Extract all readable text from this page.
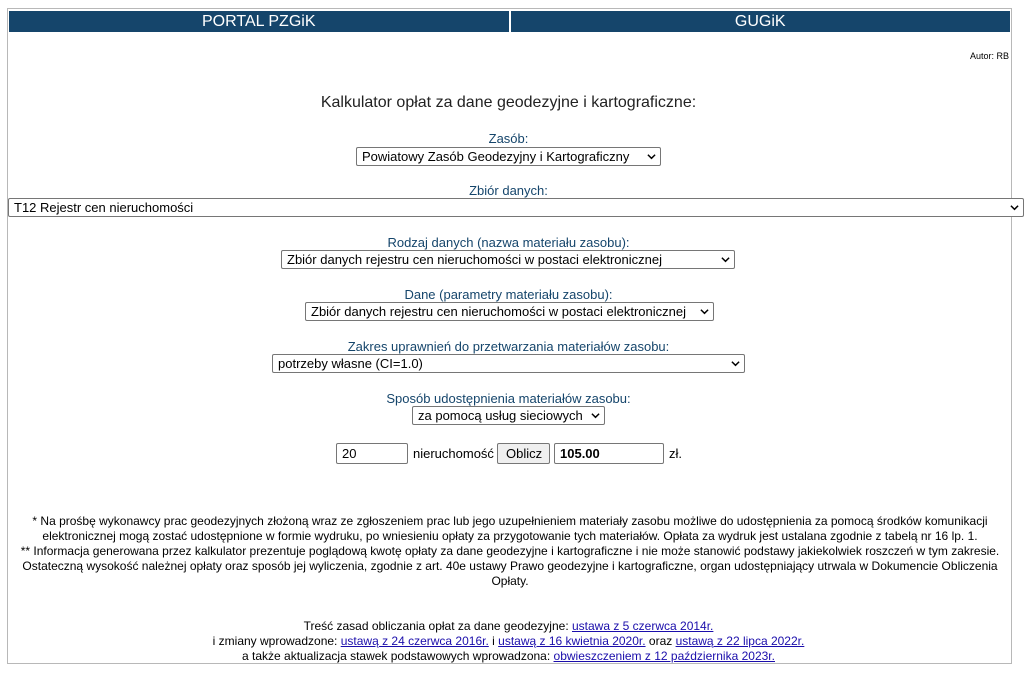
PORTAL PZGiK	GUGiK
Autor: RB
Kalkulator opłat za dane geodezyjne i kartograficzne:
Zasób:
Powiatowy Zasób Geodezyjny i Kartograficzny
Zbiór danych:
T12 Rejestr cen nieruchomości
Rodzaj danych (nazwa materiału zasobu):
Zbiór danych rejestru cen nieruchomości w postaci elektronicznej
Dane (parametry materiału zasobu):
Zbiór danych rejestru cen nieruchomości w postaci elektronicznej
Zakres uprawnień do przetwarzania materiałów zasobu:
potrzeby własne (CI=1.0)
Sposób udostępnienia materiałów zasobu:
za pomocą usług sieciowych
20	nieruchomość Oblicz	105.00	zł.
* Na prośbę wykonawcy prac geodezyjnych złożoną wraz ze zgłoszeniem prac lub jego uzupełnieniem materiały zasobu możliwe do udostępnienia za pomocą środków komunikacji elektronicznej mogą zostać udostępnione w formie wydruku, po wniesieniu opłaty za przygotowanie tych materiałów. Opłata za wydruk jest ustalana zgodnie z tabelą nr 16 lp. 1.
** Informacja generowana przez kalkulator prezentuje poglądową kwotę opłaty za dane geodezyjne i kartograficzne i nie może stanowić podstawy jakiekolwiek roszczeń w tym zakresie. Ostateczną wysokość należnej opłaty oraz sposób jej wyliczenia, zgodnie z art. 40e ustawy Prawo geodezyjne i kartograficzne, organ udostępniający utrwala w Dokumencie Obliczenia Opłaty.
Treść zasad obliczania opłat za dane geodezyjne: ustawa z 5 czerwca 2014r.
i zmiany wprowadzone: ustawą z 24 czerwca 2016r. i ustawą z 16 kwietnia 2020r. oraz ustawą z 22 lipca 2022r.
a także aktualizacja stawek podstawowych wprowadzona: obwieszczeniem z 12 października 2023r.
